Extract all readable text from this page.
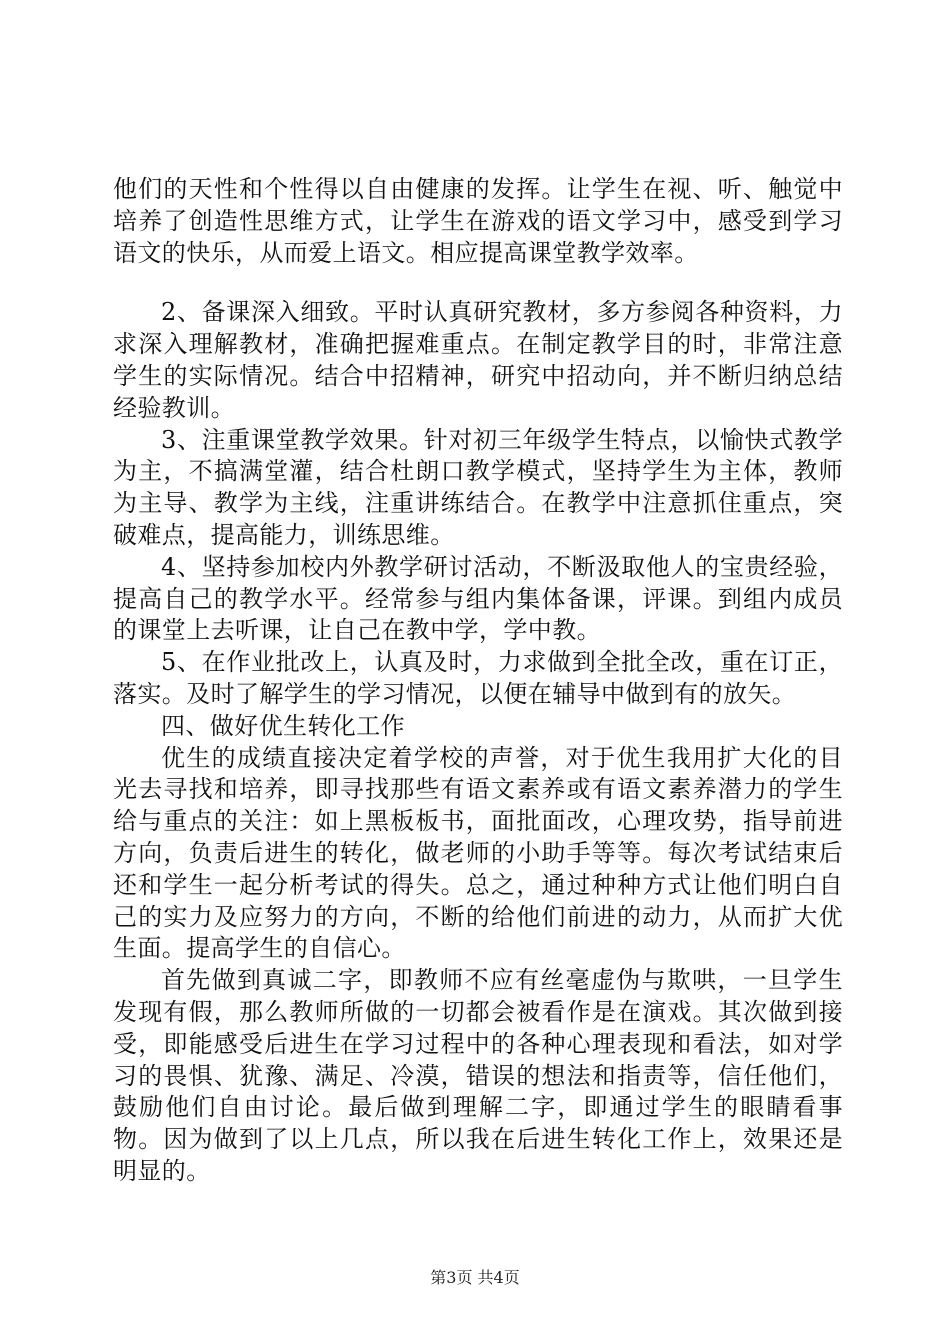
他们的天性和个性得以自由健康的发挥。让学生在视、听、触觉中培养了创造性思维方式，让学生在游戏的语文学习中，感受到学习语文的快乐，从而爱上语文。相应提高课堂教学效率。

2、备课深入细致。平时认真研究教材，多方参阅各种资料，力求深入理解教材，准确把握难重点。在制定教学目的时，非常注意学生的实际情况。结合中招精神，研究中招动向，并不断归纳总结经验教训。

3、注重课堂教学效果。针对初三年级学生特点，以愉快式教学为主，不搞满堂灌，结合杜朗口教学模式，坚持学生为主体，教师为主导、教学为主线，注重讲练结合。在教学中注意抓住重点，突破难点，提高能力，训练思维。

4、坚持参加校内外教学研讨活动，不断汲取他人的宝贵经验，提高自己的教学水平。经常参与组内集体备课，评课。到组内成员的课堂上去听课，让自己在教中学，学中教。

5、在作业批改上，认真及时，力求做到全批全改，重在订正，落实。及时了解学生的学习情况，以便在辅导中做到有的放矢。

四、做好优生转化工作

优生的成绩直接决定着学校的声誉，对于优生我用扩大化的目光去寻找和培养，即寻找那些有语文素养或有语文素养潜力的学生给与重点的关注：如上黑板板书，面批面改，心理攻势，指导前进方向，负责后进生的转化，做老师的小助手等等。每次考试结束后还和学生一起分析考试的得失。总之，通过种种方式让他们明白自己的实力及应努力的方向，不断的给他们前进的动力，从而扩大优生面。提高学生的自信心。

首先做到真诚二字，即教师不应有丝毫虚伪与欺哄，一旦学生发现有假，那么教师所做的一切都会被看作是在演戏。其次做到接受，即能感受后进生在学习过程中的各种心理表现和看法，如对学习的畏惧、犹豫、满足、冷漠，错误的想法和指责等，信任他们，鼓励他们自由讨论。最后做到理解二字，即通过学生的眼睛看事物。因为做到了以上几点，所以我在后进生转化工作上，效果还是明显的。

第3页 共4页
